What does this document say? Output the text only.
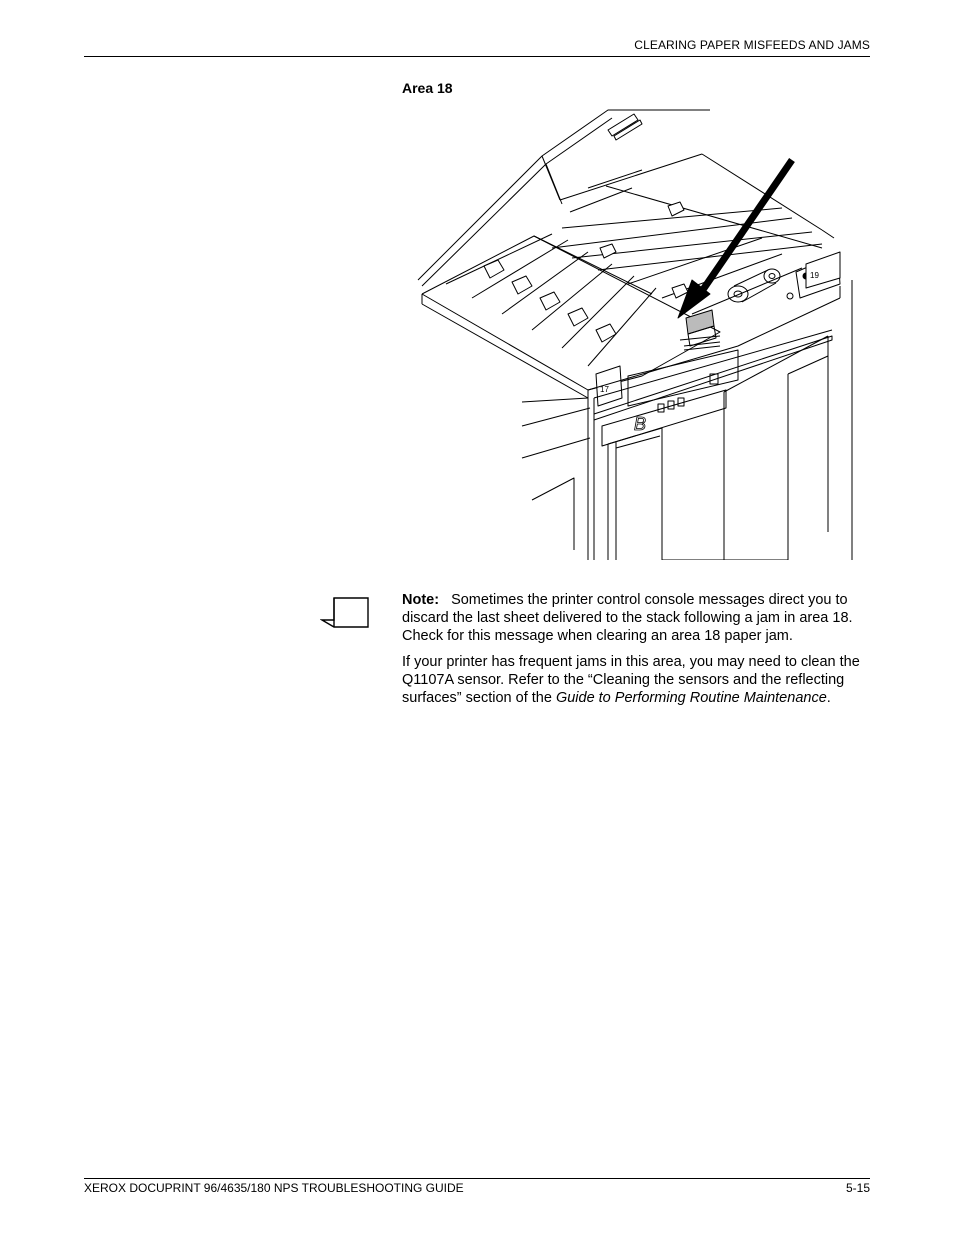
CLEARING PAPER MISFEEDS AND JAMS
Area 18
17
19
B
Note: Sometimes the printer control console messages direct you to discard the last sheet delivered to the stack following a jam in area 18. Check for this message when clearing an area 18 paper jam.
If your printer has frequent jams in this area, you may need to clean the Q1107A sensor. Refer to the “Cleaning the sensors and the reflecting surfaces” section of the Guide to Performing Routine Maintenance.
XEROX DOCUPRINT 96/4635/180 NPS TROUBLESHOOTING GUIDE	5-15
